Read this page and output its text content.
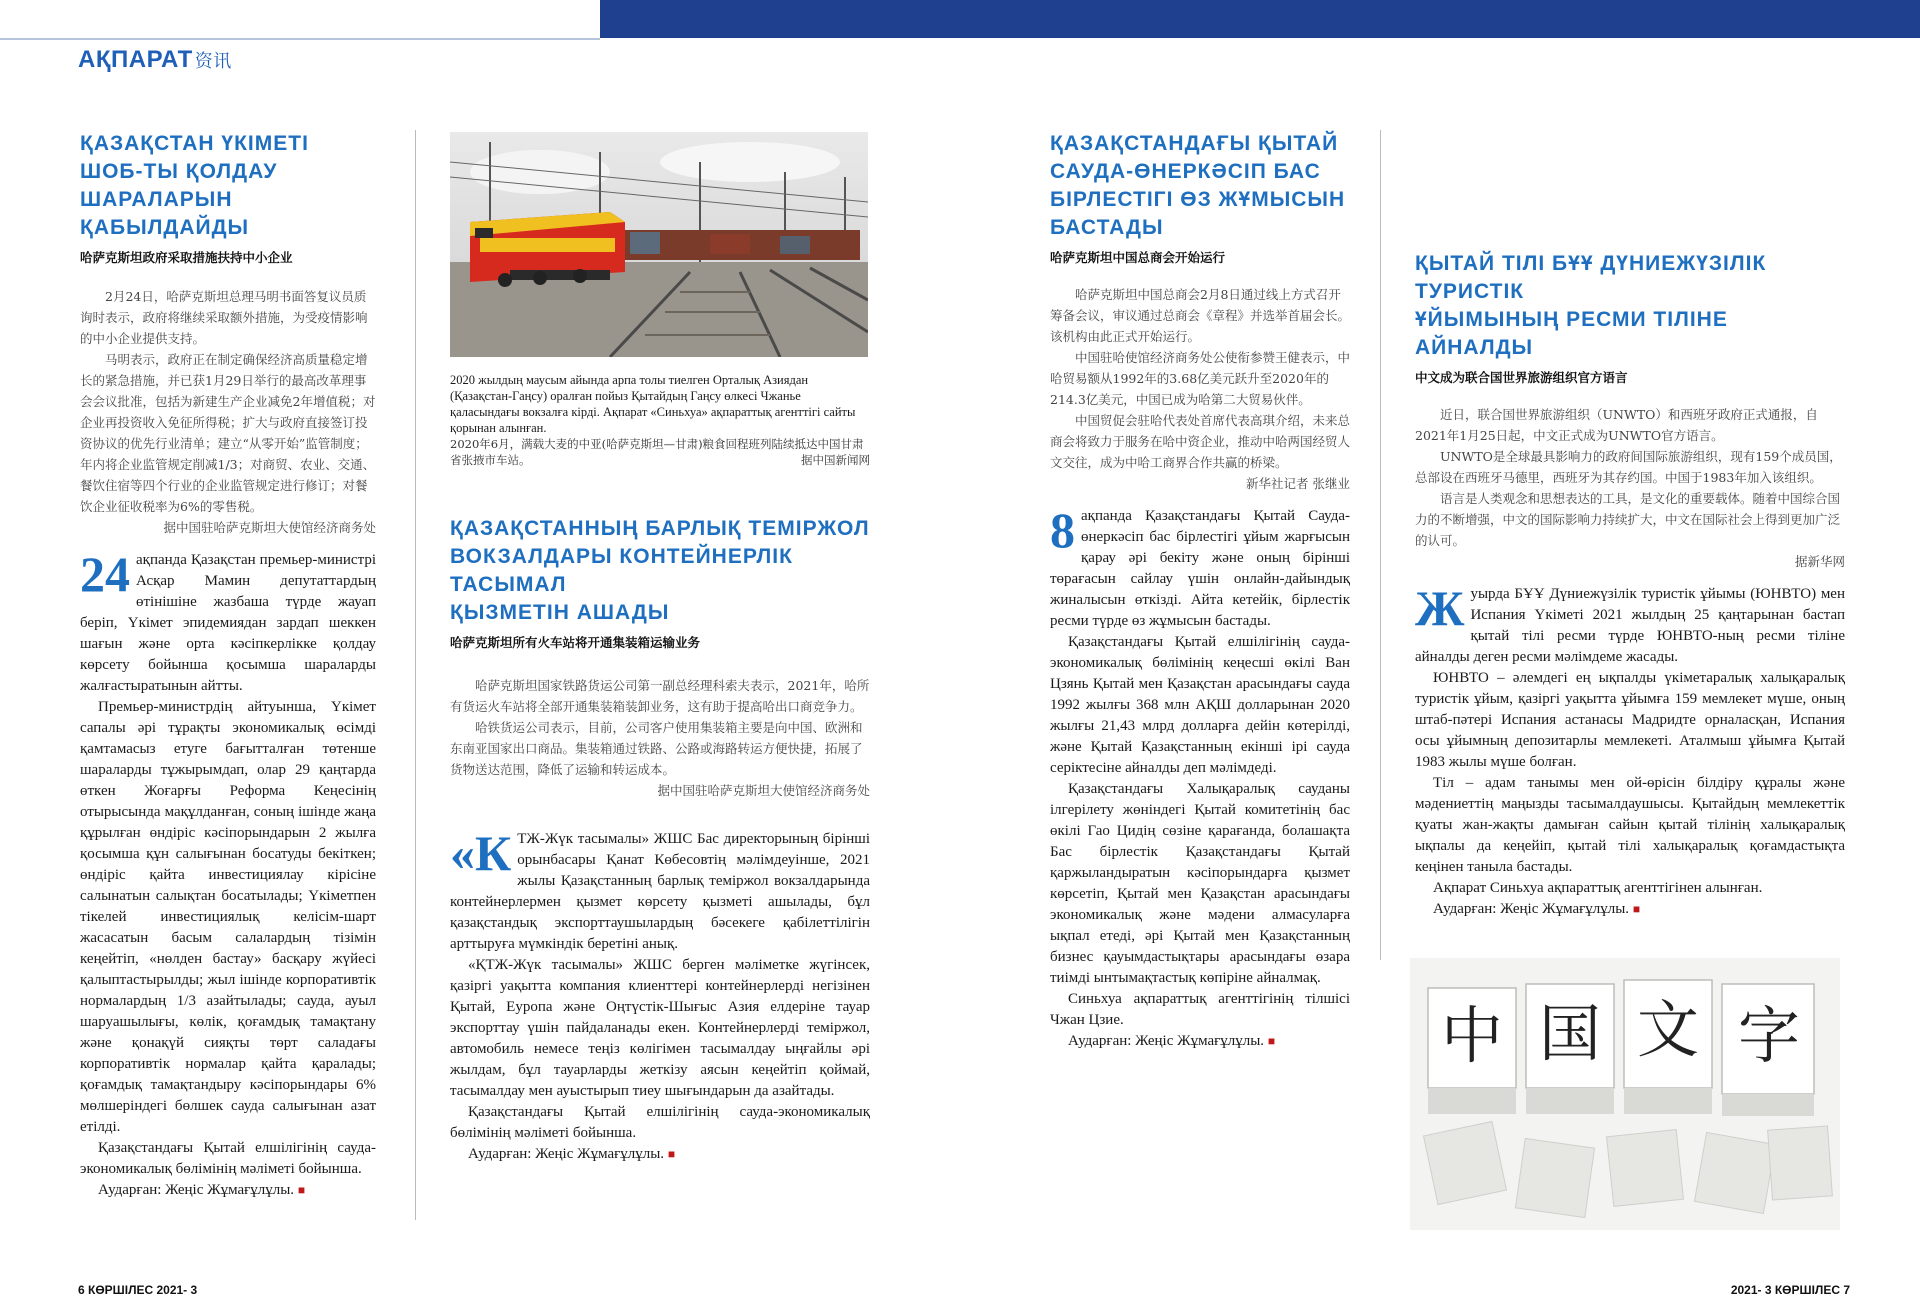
АҚПАРАТ 资讯
ҚАЗАҚСТАН ҮКІМЕТІ
ШОБ-ТЫ ҚОЛДАУ
ШАРАЛАРЫН ҚАБЫЛДАЙДЫ

哈萨克斯坦政府采取措施扶持中小企业

2月24日，哈萨克斯坦总理马明书面答复议员质询时表示，政府将继续采取额外措施，为受疫情影响的中小企业提供支持。

马明表示，政府正在制定确保经济高质量稳定增长的紧急措施，并已获1月29日举行的最高改革理事会会议批准，包括为新建生产企业减免2年增值税；对企业再投资收入免征所得税；扩大与政府直接签订投资协议的优先行业清单；建立“从零开始”监管制度；年内将企业监管规定削减1/3；对商贸、农业、交通、餐饮住宿等四个行业的企业监管规定进行修订；对餐饮企业征收税率为6%的零售税。

据中国驻哈萨克斯坦大使馆经济商务处

24 ақпанда Қазақстан премьер-министрі Асқар Мамин депутаттардың өтінішіне жазбаша түрде жауап беріп, Үкімет эпидемиядан зардап шеккен шағын және орта кәсіпкерлікке қолдау көрсету бойынша қосымша шараларды жалғастыратынын айтты.

Премьер-министрдің айтуынша, Үкімет сапалы әрі тұрақты экономикалық өсімді қамтамасыз етуге бағытталған төтенше шараларды тұжырымдап, олар 29 қаңтарда өткен Жоғарғы Реформа Кеңесінің отырысында мақұлданған, соның ішінде жаңа құрылған өндіріс кәсіпорындарын 2 жылға қосымша құн салығынан босатуды бекіткен; өндіріс қайта инвестициялау кірісіне салынатын салықтан босатылады; Үкіметпен тікелей инвестициялық келісім-шарт жасасатын басым салалардың тізімін кеңейтіп, «нөлден бастау» басқару жүйесі қалыптастырылды; жыл ішінде корпоративтік нормалардың 1/3 азайтылады; сауда, ауыл шаруашылығы, көлік, қоғамдық тамақтану және қонақүй сияқты төрт саладағы корпоративтік нормалар қайта қаралады; қоғамдық тамақтандыру кәсіпорындары 6% мөлшеріндегі бөлшек сауда салығынан азат етілді.

Қазақстандағы Қытай елшілігінің сауда-экономикалық бөлімінің мәліметі бойынша.

Аударған: Жеңіс Жұмағұлұлы. ■

2020 жылдың маусым айында арпа толы тиелген Орталық Азиядан (Қазақстан-Гаңсу) оралған пойыз Қытайдың Гаңсу өлкесі Чжанье қаласындағы вокзалға кірді. Ақпарат «Синьхуа» ақпараттық агенттігі сайты қорынан алынған.

2020年6月，满载大麦的中亚(哈萨克斯坦—甘肃)粮食回程班列陆续抵达中国甘肃省张掖市车站。	据中国新闻网

ҚАЗАҚСТАННЫҢ БАРЛЫҚ ТЕМІРЖОЛ
ВОКЗАЛДАРЫ КОНТЕЙНЕРЛІК ТАСЫМАЛ
ҚЫЗМЕТІН АШАДЫ

哈萨克斯坦所有火车站将开通集装箱运输业务

哈萨克斯坦国家铁路货运公司第一副总经理科索夫表示，2021年，哈所有货运火车站将全部开通集装箱装卸业务，这有助于提高哈出口商竞争力。

哈铁货运公司表示，目前，公司客户使用集装箱主要是向中国、欧洲和东南亚国家出口商品。集装箱通过铁路、公路或海路转运方便快捷，拓展了货物送达范围，降低了运输和转运成本。

据中国驻哈萨克斯坦大使馆经济商务处

«КТЖ-Жүк тасымалы» ЖШС Бас директорының бірінші орынбасары Қанат Көбесовтің мәлімдеуінше, 2021 жылы Қазақстанның барлық теміржол вокзалдарында контейнерлермен қызмет көрсету қызметі ашылады, бұл қазақстандық экспорттаушылардың бәсекеге қабілеттілігін арттыруға мүмкіндік беретіні анық.

«ҚТЖ-Жүк тасымалы» ЖШС берген мәліметке жүгінсек, қазіргі уақытта компания клиенттері контейнерлерді негізінен Қытай, Еуропа және Оңтүстік-Шығыс Азия елдеріне тауар экспорттау үшін пайдаланады екен. Контейнерлерді теміржол, автомобиль немесе теңіз көлігімен тасымалдау ыңғайлы әрі жылдам, бұл тауарларды жеткізу аясын кеңейтіп қоймай, тасымалдау мен ауыстырып тиеу шығындарын да азайтады.

Қазақстандағы Қытай елшілігінің сауда-экономикалық бөлімінің мәліметі бойынша.

Аударған: Жеңіс Жұмағұлұлы. ■

ҚАЗАҚСТАНДАҒЫ ҚЫТАЙ
САУДА-ӨНЕРКӘСІП БАС
БІРЛЕСТІГІ ӨЗ ЖҰМЫСЫН
БАСТАДЫ

哈萨克斯坦中国总商会开始运行

哈萨克斯坦中国总商会2月8日通过线上方式召开筹备会议，审议通过总商会《章程》并选举首届会长。该机构由此正式开始运行。

中国驻哈使馆经济商务处公使衔参赞王健表示，中哈贸易额从1992年的3.68亿美元跃升至2020年的214.3亿美元，中国已成为哈第二大贸易伙伴。

中国贸促会驻哈代表处首席代表高琪介绍，未来总商会将致力于服务在哈中资企业，推动中哈两国经贸人文交往，成为中哈工商界合作共赢的桥梁。

新华社记者 张继业

8 ақпанда Қазақстандағы Қытай Сауда-өнеркәсіп бас бірлестігі ұйым жарғысын қарау әрі бекіту және оның бірінші төрағасын сайлау үшін онлайн-дайындық жиналысын өткізді. Айта кетейік, бірлестік ресми түрде өз жұмысын бастады.

Қазақстандағы Қытай елшілігінің сауда-экономикалық бөлімінің кеңесші өкілі Ван Цзянь Қытай мен Қазақстан арасындағы сауда 1992 жылғы 368 млн АҚШ долларынан 2020 жылғы 21,43 млрд долларға дейін көтерілді, және Қытай Қазақстанның екінші ірі сауда серіктесіне айналды деп мәлімдеді.

Қазақстандағы Халықаралық сауданы ілгерілету жөніндегі Қытай комитетінің бас өкілі Гао Цидің сөзіне қарағанда, болашақта Бас бірлестік Қазақстандағы Қытай қаржыландыратын кәсіпорындарға қызмет көрсетіп, Қытай мен Қазақстан арасындағы экономикалық және мәдени алмасуларға ықпал етеді, әрі Қытай мен Қазақстанның бизнес қауымдастықтары арасындағы өзара тиімді ынтымақтастық көпіріне айналмақ.

Синьхуа ақпараттық агенттігінің тілшісі Чжан Цзие.

Аударған: Жеңіс Жұмағұлұлы. ■

ҚЫТАЙ ТІЛІ БҰҰ ДҮНИЕЖҮЗІЛІК ТУРИСТІК
ҰЙЫМЫНЫҢ РЕСМИ ТІЛІНЕ АЙНАЛДЫ

中文成为联合国世界旅游组织官方语言

近日，联合国世界旅游组织（UNWTO）和西班牙政府正式通报，自2021年1月25日起，中文正式成为UNWTO官方语言。

UNWTO是全球最具影响力的政府间国际旅游组织，现有159个成员国，总部设在西班牙马德里，西班牙为其存约国。中国于1983年加入该组织。

语言是人类观念和思想表达的工具，是文化的重要载体。随着中国综合国力的不断增强，中文的国际影响力持续扩大，中文在国际社会上得到更加广泛的认可。

据新华网

Жуырда БҰҰ Дүниежүзілік туристік ұйымы (ЮНВТО) мен Испания Үкіметі 2021 жылдың 25 қаңтарынан бастап қытай тілі ресми түрде ЮНВТО-ның ресми тіліне айналды деген ресми мәлімдеме жасады.

ЮНВТО – әлемдегі ең ықпалды үкіметаралық халықаралық туристік ұйым, қазіргі уақытта ұйымға 159 мемлекет мүше, оның штаб-пәтері Испания астанасы Мадридте орналасқан, Испания осы ұйымның депозитарлы мемлекеті. Аталмыш ұйымға Қытай 1983 жылы мүше болған.

Тіл – адам танымы мен ой-өрісін білдіру құралы және мәдениеттің маңызды тасымалдаушысы. Қытайдың мемлекеттік қуаты жан-жақты дамыған сайын қытай тілінің халықаралық ықпалы да кеңейіп, қытай тілі халықаралық қоғамдастықта кеңінен таныла бастады.

Ақпарат Синьхуа ақпараттық агенттігінен алынған.

Аударған: Жеңіс Жұмағұлұлы. ■

中 国 文 字
6 КӨРШІЛЕС 2021- 3	2021- 3 КӨРШІЛЕС 7
